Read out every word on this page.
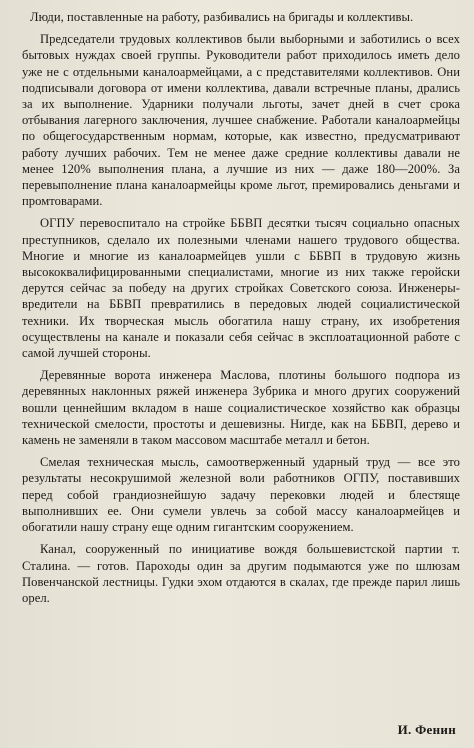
Люди, поставленные на работу, разбивались на бригады и коллективы.

Председатели трудовых коллективов были выборными и заботились о всех бытовых нуждах своей группы. Руководители работ приходилось иметь дело уже не с отдельными каналоармейцами, а с представителями коллективов. Они подписывали договора от имени коллектива, давали встречные планы, дрались за их выполнение. Ударники получали льготы, зачет дней в счет срока отбывания лагерного заключения, лучшее снабжение. Работали каналоармейцы по общегосударственным нормам, которые, как известно, предусматривают работу лучших рабочих. Тем не менее даже средние коллективы давали не менее 120% выполнения плана, а лучшие из них — даже 180—200%. За перевыполнение плана каналоармейцы кроме льгот, премировались деньгами и промтоварами.

ОГПУ перевоспитало на стройке ББВП десятки тысяч социально опасных преступников, сделало их полезными членами нашего трудового общества. Многие и многие из каналоармейцев ушли с ББВП в трудовую жизнь высококвалифицированными специалистами, многие из них также геройски дерутся сейчас за победу на других стройках Советского союза. Инженеры-вредители на ББВП превратились в передовых людей социалистической техники. Их творческая мысль обогатила нашу страну, их изобретения осуществлены на канале и показали себя сейчас в эксплоатационной работе с самой лучшей стороны.

Деревянные ворота инженера Маслова, плотины большого подпора из деревянных наклонных ряжей инженера Зубрика и много других сооружений вошли ценнейшим вкладом в наше социалистическое хозяйство как образцы технической смелости, простоты и дешевизны. Нигде, как на ББВП, дерево и камень не заменяли в таком массовом масштабе металл и бетон.

Смелая техническая мысль, самоотверженный ударный труд — все это результаты несокрушимой железной воли работников ОГПУ, поставивших перед собой грандиознейшую задачу перековки людей и блестяще выполнивших ее. Они сумели увлечь за собой массу каналоармейцев и обогатили нашу страну еще одним гигантским сооружением.

Канал, сооруженный по инициативе вождя большевистской партии т. Сталина. — готов. Пароходы один за другим подымаются уже по шлюзам Повенчанской лестницы. Гудки эхом отдаются в скалах, где прежде парил лишь орел.

И. Фенин
